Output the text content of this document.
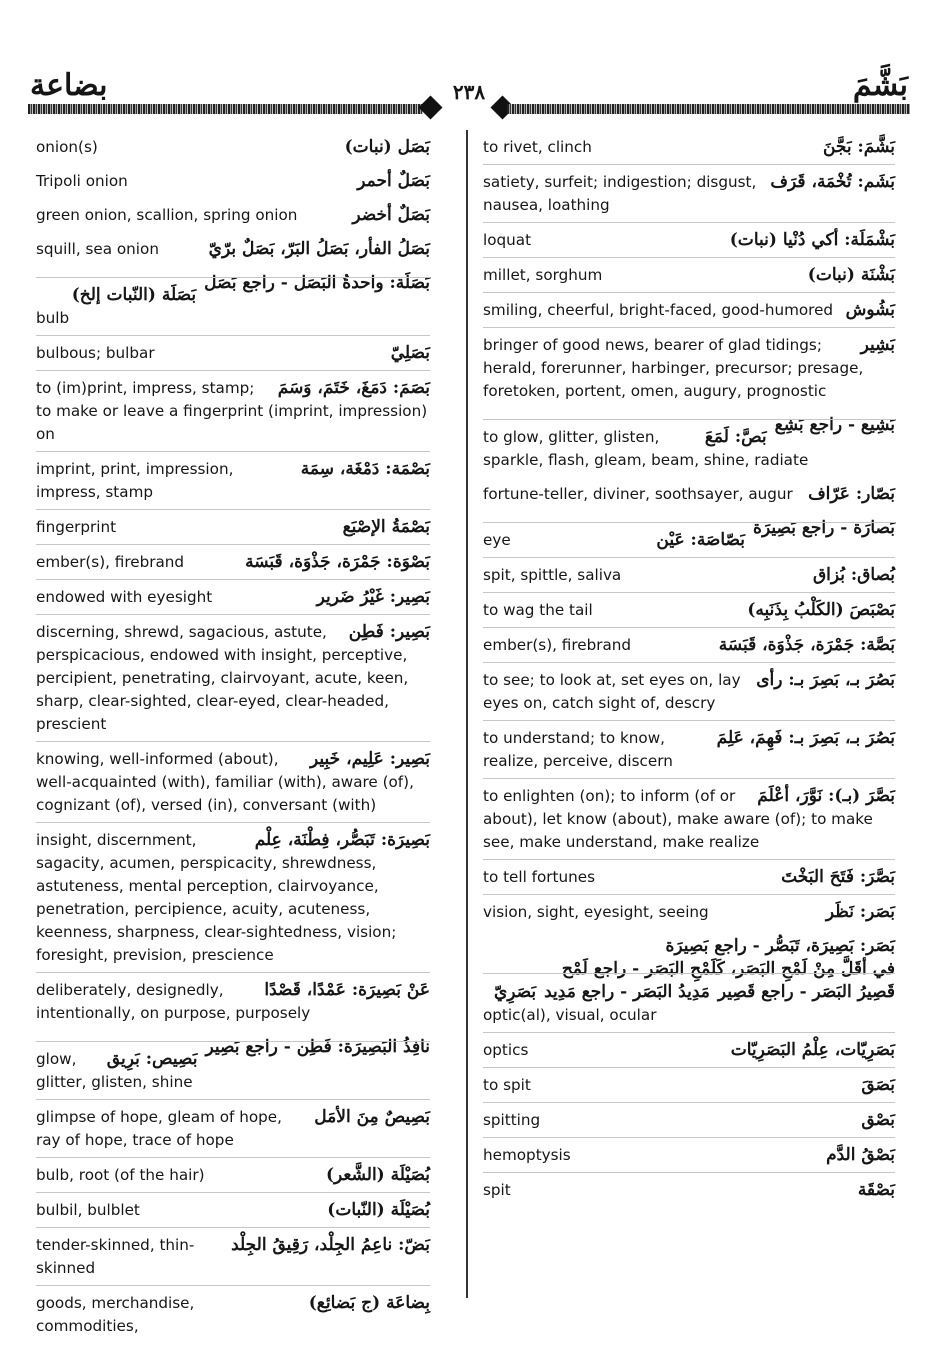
بضاعة	٢٣٨	بَشَّمَ
بَصَل (نبات)
onion(s)
بَصَلٌ أحمر
Tripoli onion
بَصَلٌ أخضر
green onion, scallion, spring onion
بَصَلُ الفأر، بَصَلُ البَرّ، بَصَلٌ برّيّ
squill, sea onion
بَصَلَة: واحدةُ البَصَل - راجع بَصَل
بَصَلَة (النّبات إلخ)
bulb
بَصَلِيّ
bulbous; bulbar
بَصَمَ: دَمَغَ، خَتَمَ، وَسَمَ
to (im)print, impress, stamp; to make or leave a fingerprint (imprint, impression) on
بَصْمَة: دَمْغَة، سِمَة
imprint, print, impression, impress, stamp
بَصْمَةُ الإصْبَع
fingerprint
بَصْوَة: جَمْرَة، جَذْوَة، قَبَسَة
ember(s), firebrand
بَصِير: غَيْرُ ضَرير
endowed with eyesight
بَصِير: فَطِن
discerning, shrewd, sagacious, astute, perspicacious, endowed with insight, perceptive, percipient, penetrating, clairvoyant, acute, keen, sharp, clear-sighted, clear-eyed, clear-headed, prescient
بَصِير: عَلِيم، خَبِير
knowing, well-informed (about), well-acquainted (with), familiar (with), aware (of), cognizant (of), versed (in), conversant (with)
بَصِيرَة: تَبَصُّر، فِطْنَة، عِلْم
insight, discernment, sagacity, acumen, perspicacity, shrewdness, astuteness, mental perception, clairvoyance, penetration, percipience, acuity, acuteness, keenness, sharpness, clear-sightedness, vision; foresight, prevision, prescience
عَنْ بَصِيرَة: عَمْدًا، قَصْدًا
deliberately, designedly, intentionally, on purpose, purposely
نافِذُ البَصِيرَة: فَطِن - راجع بَصِير
بَصِيص: بَرِيق
glow, glitter, glisten, shine
بَصِيصٌ مِنَ الأمَل
glimpse of hope, gleam of hope, ray of hope, trace of hope
بُصَيْلَة (الشَّعر)
bulb, root (of the hair)
بُصَيْلَة (النّبات)
bulbil, bulblet
بَضّ: ناعِمُ الجِلْد، رَقِيقُ الجِلْد
tender-skinned, thin-skinned
بِضاعَة (ج بَضائِع)
goods, merchandise, commodities,
بَشَّمَ: بَجَّنَ
to rivet, clinch
بَشَم: تُخْمَة، قَرَف
satiety, surfeit; indigestion; disgust, nausea, loathing
بَشْمَلَة: أكي دُنْيا (نبات)
loquat
بَشْنَة (نبات)
millet, sorghum
بَشُوش
smiling, cheerful, bright-faced, good-humored
بَشِير
bringer of good news, bearer of glad tidings; herald, forerunner, harbinger, precursor; presage, foretoken, portent, omen, augury, prognostic
بَشِيع - راجع بَشِع
بَصَّ: لَمَعَ
to glow, glitter, glisten, sparkle, flash, gleam, beam, shine, radiate
بَصّار: عَرّاف
fortune-teller, diviner, soothsayer, augur
بَصارَة - راجع بَصِيرَة
بَصّاصَة: عَيْن
eye
بُصاق: بُزاق
spit, spittle, saliva
بَصْبَصَ (الكَلْبُ بِذَنَبِه)
to wag the tail
بَصَّة: جَمْرَة، جَذْوَة، قَبَسَة
ember(s), firebrand
بَصُرَ بـ، بَصِرَ بـ: رأى
to see; to look at, set eyes on, lay eyes on, catch sight of, descry
بَصُرَ بـ، بَصِرَ بـ: فَهِمَ، عَلِمَ
to understand; to know, realize, perceive, discern
بَصَّرَ (بـ): نَوَّرَ، أعْلَمَ
to enlighten (on); to inform (of or about), let know (about), make aware (of); to make see, make understand, make realize
بَصَّرَ: فَتَحَ البَخْتَ
to tell fortunes
بَصَر: نَظَر
vision, sight, eyesight, seeing
بَصَر: بَصِيرَة، تَبَصُّر - راجع بَصِيرَة
في أقَلَّ مِنْ لَمْحِ البَصَر، كَلَمْحِ البَصَر - راجع لَمْح
قَصِيرُ البَصَر - راجع قَصِير
مَدِيدُ البَصَر - راجع مَدِيد
بَصَرِيّ
optic(al), visual, ocular
بَصَرِيّات، عِلْمُ البَصَرِيّات
optics
بَصَقَ
to spit
بَصْق
spitting
بَصْقُ الدَّم
hemoptysis
بَصْقَة
spit
